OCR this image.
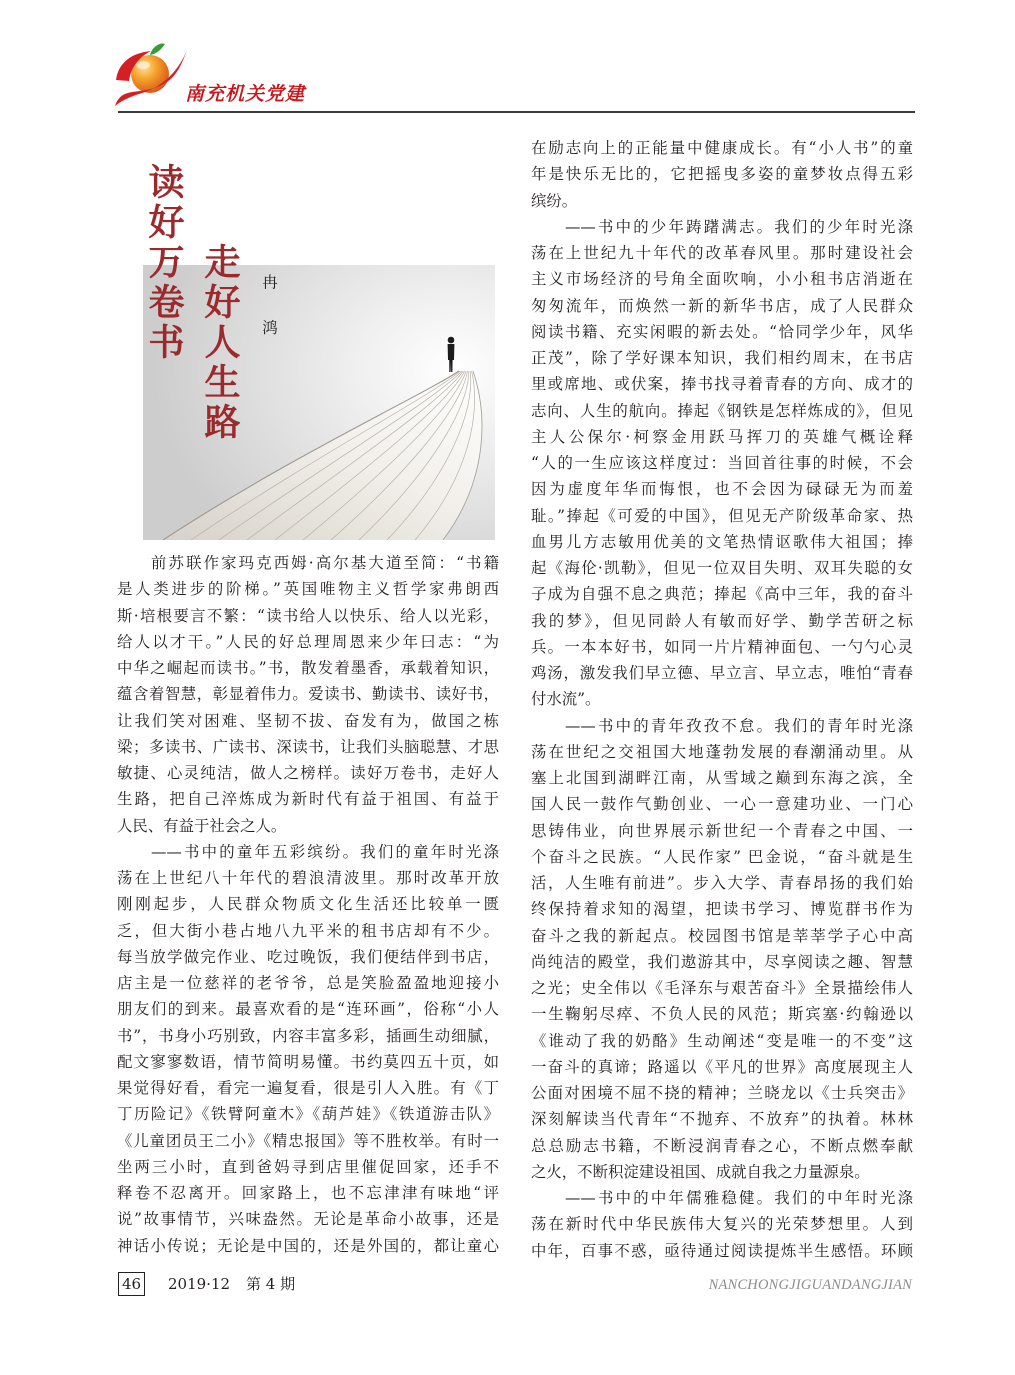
南充机关党建
读好万卷书 走好人生路 冉 鸿
前苏联作家玛克西姆·高尔基大道至简：“书籍
是人类进步的阶梯。”英国唯物主义哲学家弗朗西
斯·培根要言不繁：“读书给人以快乐、给人以光彩，
给人以才干。”人民的好总理周恩来少年曰志：“为
中华之崛起而读书。”书，散发着墨香，承载着知识，
蕴含着智慧，彰显着伟力。爱读书、勤读书、读好书，
让我们笑对困难、坚韧不拔、奋发有为，做国之栋
梁；多读书、广读书、深读书，让我们头脑聪慧、才思
敏捷、心灵纯洁，做人之榜样。读好万卷书，走好人
生路，把自己淬炼成为新时代有益于祖国、有益于
人民、有益于社会之人。
——书中的童年五彩缤纷。我们的童年时光涤
荡在上世纪八十年代的碧浪清波里。那时改革开放
刚刚起步，人民群众物质文化生活还比较单一匮
乏，但大街小巷占地八九平米的租书店却有不少。
每当放学做完作业、吃过晚饭，我们便结伴到书店，
店主是一位慈祥的老爷爷，总是笑脸盈盈地迎接小
朋友们的到来。最喜欢看的是“连环画”，俗称“小人
书”，书身小巧别致，内容丰富多彩，插画生动细腻，
配文寥寥数语，情节简明易懂。书约莫四五十页，如
果觉得好看，看完一遍复看，很是引人入胜。有《丁
丁历险记》《铁臂阿童木》《葫芦娃》《铁道游击队》
《儿童团员王二小》《精忠报国》等不胜枚举。有时一
坐两三小时，直到爸妈寻到店里催促回家，还手不
释卷不忍离开。回家路上，也不忘津津有味地“评
说”故事情节，兴味盎然。无论是革命小故事，还是
神话小传说；无论是中国的，还是外国的，都让童心
在励志向上的正能量中健康成长。有“小人书”的童
年是快乐无比的，它把摇曳多姿的童梦妆点得五彩
缤纷。
——书中的少年踌躇满志。我们的少年时光涤
荡在上世纪九十年代的改革春风里。那时建设社会
主义市场经济的号角全面吹响，小小租书店消逝在
匆匆流年，而焕然一新的新华书店，成了人民群众
阅读书籍、充实闲暇的新去处。“恰同学少年，风华
正茂”，除了学好课本知识，我们相约周末，在书店
里或席地、或伏案，捧书找寻着青春的方向、成才的
志向、人生的航向。捧起《钢铁是怎样炼成的》，但见
主人公保尔·柯察金用跃马挥刀的英雄气概诠释
“人的一生应该这样度过：当回首往事的时候，不会
因为虚度年华而悔恨，也不会因为碌碌无为而羞
耻。”捧起《可爱的中国》，但见无产阶级革命家、热
血男儿方志敏用优美的文笔热情讴歌伟大祖国；捧
起《海伦·凯勒》，但见一位双目失明、双耳失聪的女
子成为自强不息之典范；捧起《高中三年，我的奋斗
我的梦》，但见同龄人有敏而好学、勤学苦研之标
兵。一本本好书，如同一片片精神面包、一勺勺心灵
鸡汤，激发我们早立德、早立言、早立志，唯怕“青春
付水流”。
——书中的青年孜孜不怠。我们的青年时光涤
荡在世纪之交祖国大地蓬勃发展的春潮涌动里。从
塞上北国到湖畔江南，从雪域之巅到东海之滨，全
国人民一鼓作气勤创业、一心一意建功业、一门心
思铸伟业，向世界展示新世纪一个青春之中国、一
个奋斗之民族。“人民作家” 巴金说，“奋斗就是生
活，人生唯有前进”。步入大学、青春昂扬的我们始
终保持着求知的渴望，把读书学习、博览群书作为
奋斗之我的新起点。校园图书馆是莘莘学子心中高
尚纯洁的殿堂，我们遨游其中，尽享阅读之趣、智慧
之光；史全伟以《毛泽东与艰苦奋斗》全景描绘伟人
一生鞠躬尽瘁、不负人民的风范；斯宾塞·约翰逊以
《谁动了我的奶酪》生动阐述“变是唯一的不变”这
一奋斗的真谛；路遥以《平凡的世界》高度展现主人
公面对困境不屈不挠的精神；兰晓龙以《士兵突击》
深刻解读当代青年“不抛弃、不放弃”的执着。林林
总总励志书籍，不断浸润青春之心，不断点燃奉献
之火，不断积淀建设祖国、成就自我之力量源泉。
——书中的中年儒雅稳健。我们的中年时光涤
荡在新时代中华民族伟大复兴的光荣梦想里。人到
中年，百事不惑，亟待通过阅读提炼半生感悟。环顾
46 2019·12 第 4 期	NANCHONGJIGUANDANGJIAN
